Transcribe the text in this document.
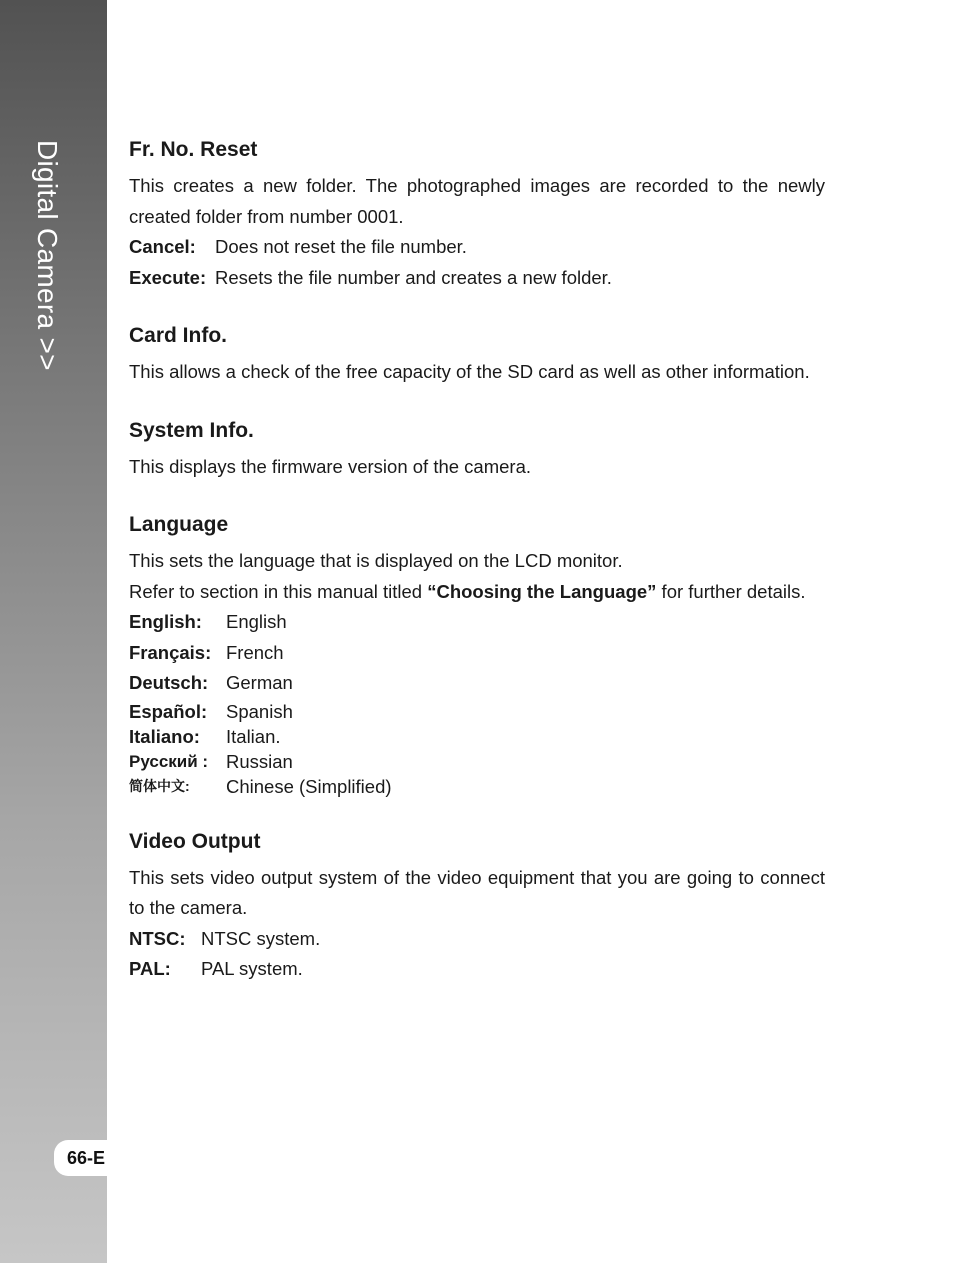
Digital Camera >>
66-E
Fr. No. Reset

This creates a new folder. The photographed images are recorded to the newly created folder from number 0001.

Cancel:	Does not reset the file number.
Execute: Resets the file number and creates a new folder.
Card Info.

This allows a check of the free capacity of the SD card as well as other information.

System Info.

This displays the firmware version of the camera.

Language

This sets the language that is displayed on the LCD monitor.

Refer to section in this manual titled “Choosing the Language” for further details.

English:	English
Français: French
Deutsch: German
Español:	Spanish
Italiano:	Italian.
Русский : Russian
简体中文:	Chinese (Simplified)
Video Output

This sets video output system of the video equipment that you are going to connect to the camera.

NTSC: NTSC system.
PAL:	PAL system.
